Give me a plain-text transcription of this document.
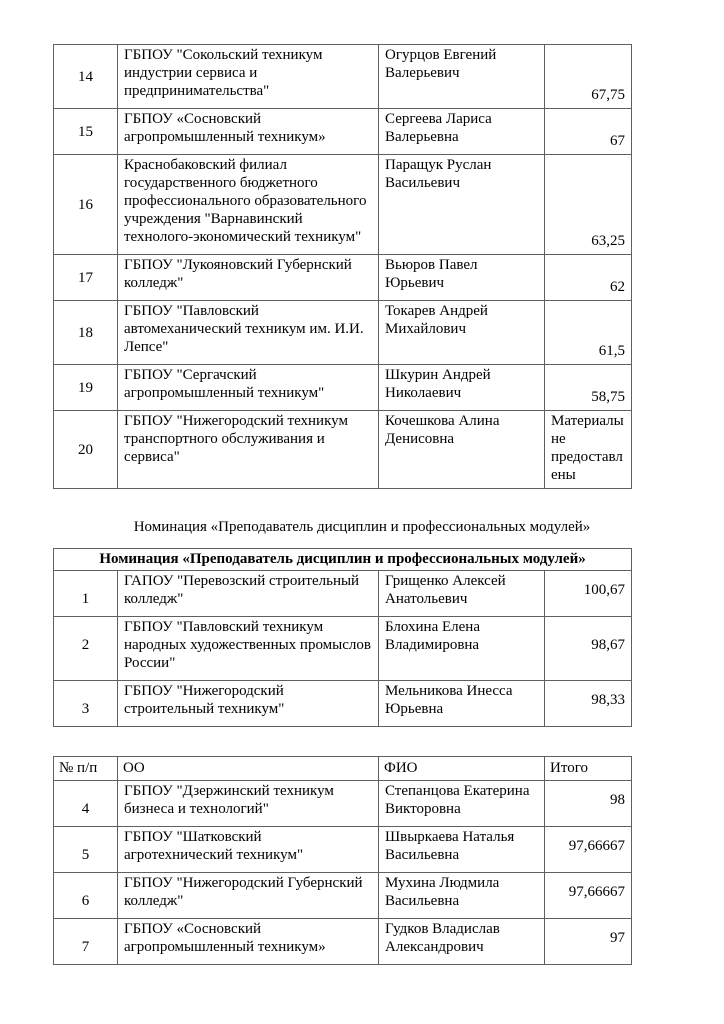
14	ГБПОУ "Сокольский техникум индустрии сервиса и предпринимательства"	Огурцов Евгений Валерьевич	67,75
15	ГБПОУ «Сосновский агропромышленный техникум»	Сергеева Лариса Валерьевна	67
16	Краснобаковский филиал государственного бюджетного профессионального образовательного учреждения "Варнавинский технолого-экономический техникум"	Паращук Руслан Васильевич	63,25
17	ГБПОУ "Лукояновский Губернский колледж"	Вьюров Павел Юрьевич	62
18	ГБПОУ "Павловский автомеханический техникум им. И.И. Лепсе"	Токарев Андрей Михайлович	61,5
19	ГБПОУ "Сергачский агропромышленный техникум"	Шкурин Андрей Николаевич	58,75
20	ГБПОУ "Нижегородский техникум транспортного обслуживания и сервиса"	Кочешкова Алина Денисовна	Материалы не предоставлены
Номинация «Преподаватель дисциплин и профессиональных модулей»
Номинация «Преподаватель дисциплин и профессиональных модулей»			
1	ГАПОУ "Перевозский строительный колледж"	Грищенко Алексей Анатольевич	100,67
2	ГБПОУ "Павловский техникум народных художественных промыслов России"	Блохина Елена Владимировна	98,67
3	ГБПОУ "Нижегородский строительный техникум"	Мельникова Инесса Юрьевна	98,33
№ п/п	ОО	ФИО	Итого
4	ГБПОУ "Дзержинский техникум бизнеса и технологий"	Степанцова Екатерина Викторовна	98
5	ГБПОУ "Шатковский агротехнический техникум"	Швыркаева Наталья Васильевна	97,66667
6	ГБПОУ "Нижегородский Губернский колледж"	Мухина Людмила Васильевна	97,66667
7	ГБПОУ «Сосновский агропромышленный техникум»	Гудков Владислав Александрович	97
